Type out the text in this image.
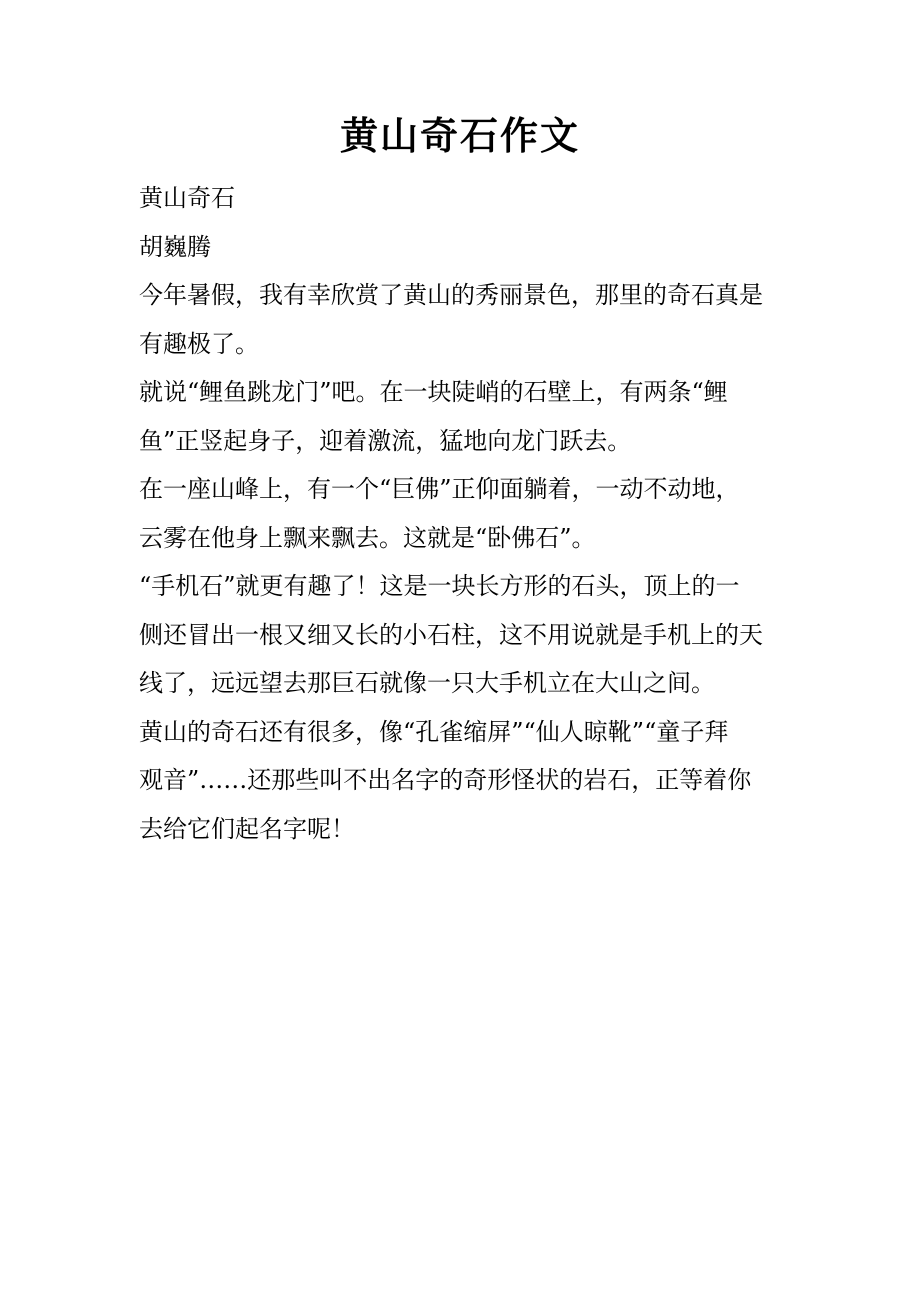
黄山奇石作文
黄山奇石
胡巍腾
今年暑假，我有幸欣赏了黄山的秀丽景色，那里的奇石真是
有趣极了。
就说“鲤鱼跳龙门”吧。在一块陡峭的石壁上，有两条“鲤
鱼”正竖起身子，迎着激流，猛地向龙门跃去。
在一座山峰上，有一个“巨佛”正仰面躺着，一动不动地，
云雾在他身上飘来飘去。这就是“卧佛石”。
“手机石”就更有趣了！这是一块长方形的石头，顶上的一
侧还冒出一根又细又长的小石柱，这不用说就是手机上的天
线了，远远望去那巨石就像一只大手机立在大山之间。
黄山的奇石还有很多，像“孔雀缩屏”“仙人晾靴”“童子拜
观音”……还那些叫不出名字的奇形怪状的岩石，正等着你
去给它们起名字呢！
